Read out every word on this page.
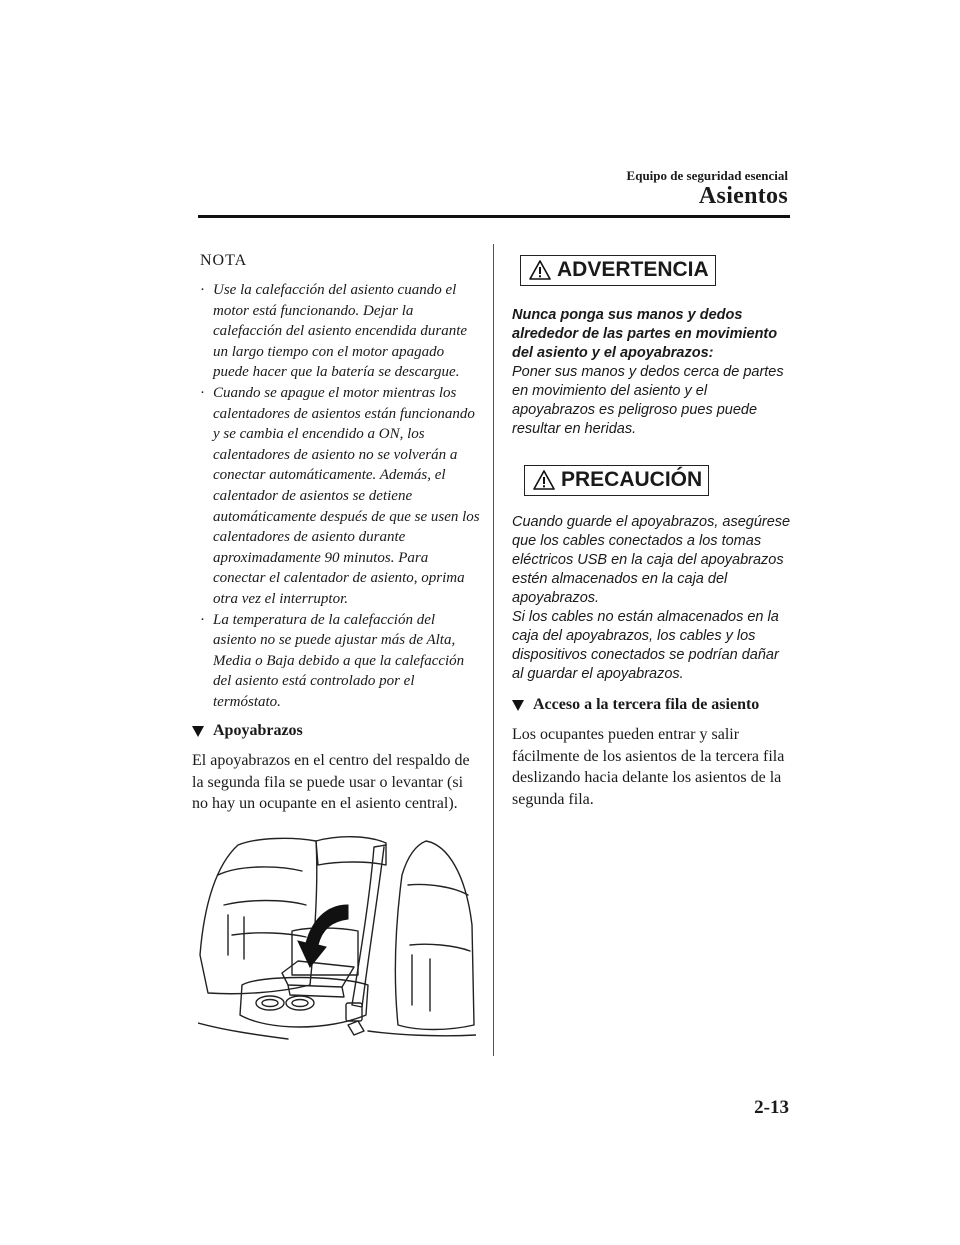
Equipo de seguridad esencial
Asientos
NOTA
· Use la calefacción del asiento cuando el motor está funcionando. Dejar la calefacción del asiento encendida durante un largo tiempo con el motor apagado puede hacer que la batería se descargue.
· Cuando se apague el motor mientras los calentadores de asientos están funcionando y se cambia el encendido a ON, los calentadores de asiento no se volverán a conectar automáticamente. Además, el calentador de asientos se detiene automáticamente después de que se usen los calentadores de asiento durante aproximadamente 90 minutos. Para conectar el calentador de asiento, oprima otra vez el interruptor.
· La temperatura de la calefacción del asiento no se puede ajustar más de Alta, Media o Baja debido a que la calefacción del asiento está controlado por el termóstato.
Apoyabrazos

El apoyabrazos en el centro del respaldo de la segunda fila se puede usar o levantar (si no hay un ocupante en el asiento central).

ADVERTENCIA

Nunca ponga sus manos y dedos alrededor de las partes en movimiento del asiento y el apoyabrazos:

Poner sus manos y dedos cerca de partes en movimiento del asiento y el apoyabrazos es peligroso pues puede resultar en heridas.

PRECAUCIÓN

Cuando guarde el apoyabrazos, asegúrese que los cables conectados a los tomas eléctricos USB en la caja del apoyabrazos estén almacenados en la caja del apoyabrazos.

Si los cables no están almacenados en la caja del apoyabrazos, los cables y los dispositivos conectados se podrían dañar al guardar el apoyabrazos.

Acceso a la tercera fila de asiento

Los ocupantes pueden entrar y salir fácilmente de los asientos de la tercera fila deslizando hacia delante los asientos de la segunda fila.

2-13
